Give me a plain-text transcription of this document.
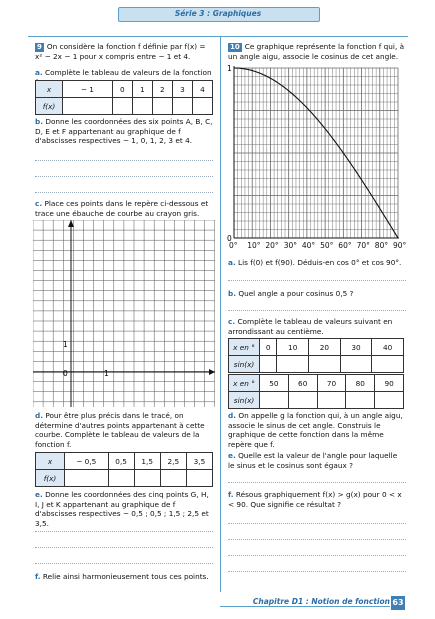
Série 3 : Graphiques
9 On considère la fonction f définie par f(x) = x² − 2x − 1 pour x compris entre − 1 et 4.
a. Complète le tableau de valeurs de la fonction
x	− 1	0	1	2	3	4
f(x)						
b. Donne les coordonnées des six points A, B, C, D, E et F appartenant au graphique de f d'abscisses respectives − 1, 0, 1, 2, 3 et 4.
c. Place ces points dans le repère ci-dessous et trace une ébauche de courbe au crayon gris.
1
0	1
d. Pour être plus précis dans le tracé, on détermine d'autres points appartenant à cette courbe. Complète le tableau de valeurs de la fonction f.
x	− 0,5	0,5	1,5	2,5	3,5
f(x)					
e. Donne les coordonnées des cinq points G, H, I, J et K appartenant au graphique de f d'abscisses respectives − 0,5 ; 0,5 ; 1,5 ; 2,5 et 3,5.
f. Relie ainsi harmonieusement tous ces points.
10 Ce graphique représente la fonction f qui, à un angle aigu, associe le cosinus de cet angle.
1
0
0° 10° 20° 30° 40° 50° 60° 70° 80° 90°
a. Lis f(0) et f(90). Déduis-en cos 0° et cos 90°.
b. Quel angle a pour cosinus 0,5 ?
c. Complète le tableau de valeurs suivant en arrondissant au centième.
x en °	0	10	20	30	40
sin(x)					
x en °	50	60	70	80	90
sin(x)					
d. On appelle g la fonction qui, à un angle aigu, associe le sinus de cet angle. Construis le graphique de cette fonction dans la même repère que f.
e. Quelle est la valeur de l'angle pour laquelle le sinus et le cosinus sont égaux ?
f. Résous graphiquement f(x) > g(x) pour 0 < x < 90. Que signifie ce résultat ?
Chapitre D1 : Notion de fonction 63
